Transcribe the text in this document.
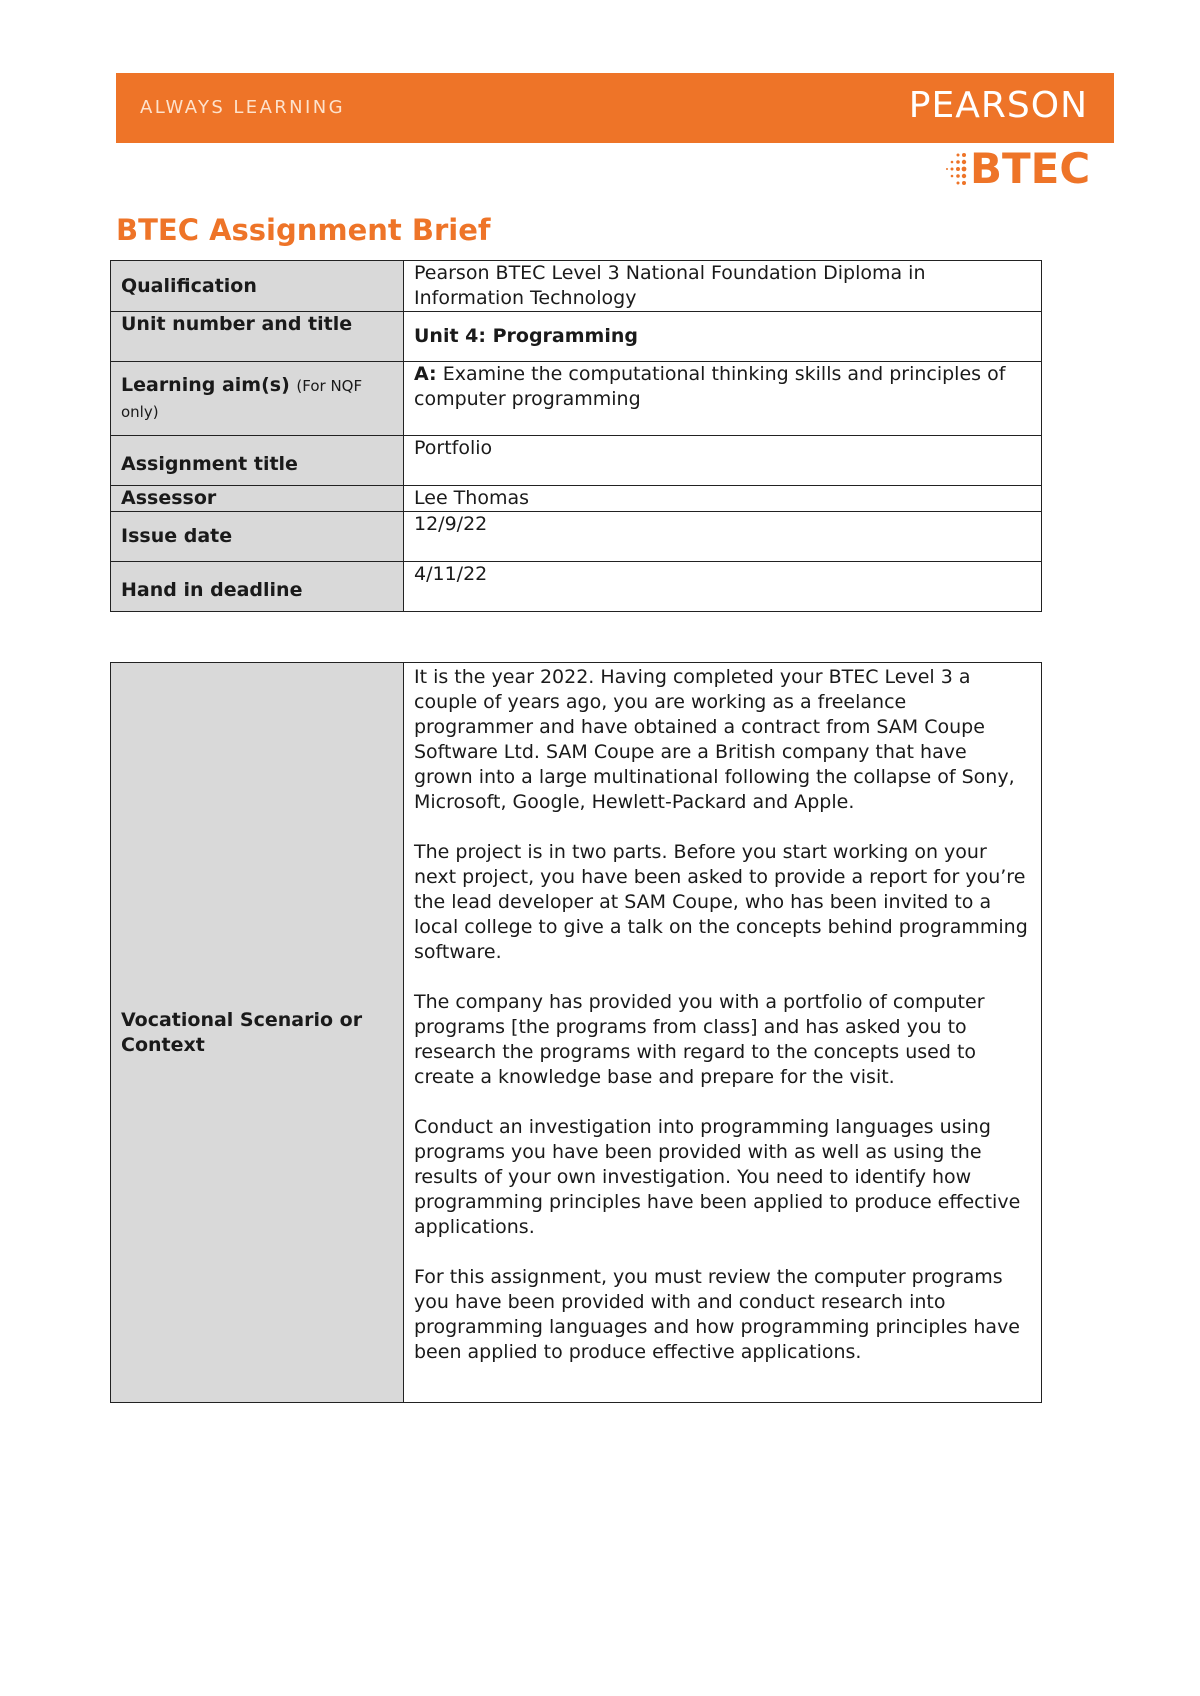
ALWAYS LEARNING	PEARSON
BTEC
BTEC Assignment Brief
Qualification	Pearson BTEC Level 3 National Foundation Diploma in Information Technology
Unit number and title	Unit 4: Programming
Learning aim(s) (For NQF only)	A: Examine the computational thinking skills and principles of computer programming
Assignment title	Portfolio
Assessor	Lee Thomas
Issue date	12/9/22
Hand in deadline	4/11/22
Vocational Scenario or Context	

It is the year 2022. Having completed your BTEC Level 3 a couple of years ago, you are working as a freelance programmer and have obtained a contract from SAM Coupe Software Ltd. SAM Coupe are a British company that have grown into a large multinational following the collapse of Sony, Microsoft, Google, Hewlett-Packard and Apple.

The project is in two parts. Before you start working on your next project, you have been asked to provide a report for you’re the lead developer at SAM Coupe, who has been invited to a local college to give a talk on the concepts behind programming software.

The company has provided you with a portfolio of computer programs [the programs from class] and has asked you to research the programs with regard to the concepts used to create a knowledge base and prepare for the visit.

Conduct an investigation into programming languages using programs you have been provided with as well as using the results of your own investigation. You need to identify how programming principles have been applied to produce effective applications.

For this assignment, you must review the computer programs you have been provided with and conduct research into programming languages and how programming principles have been applied to produce effective applications.
